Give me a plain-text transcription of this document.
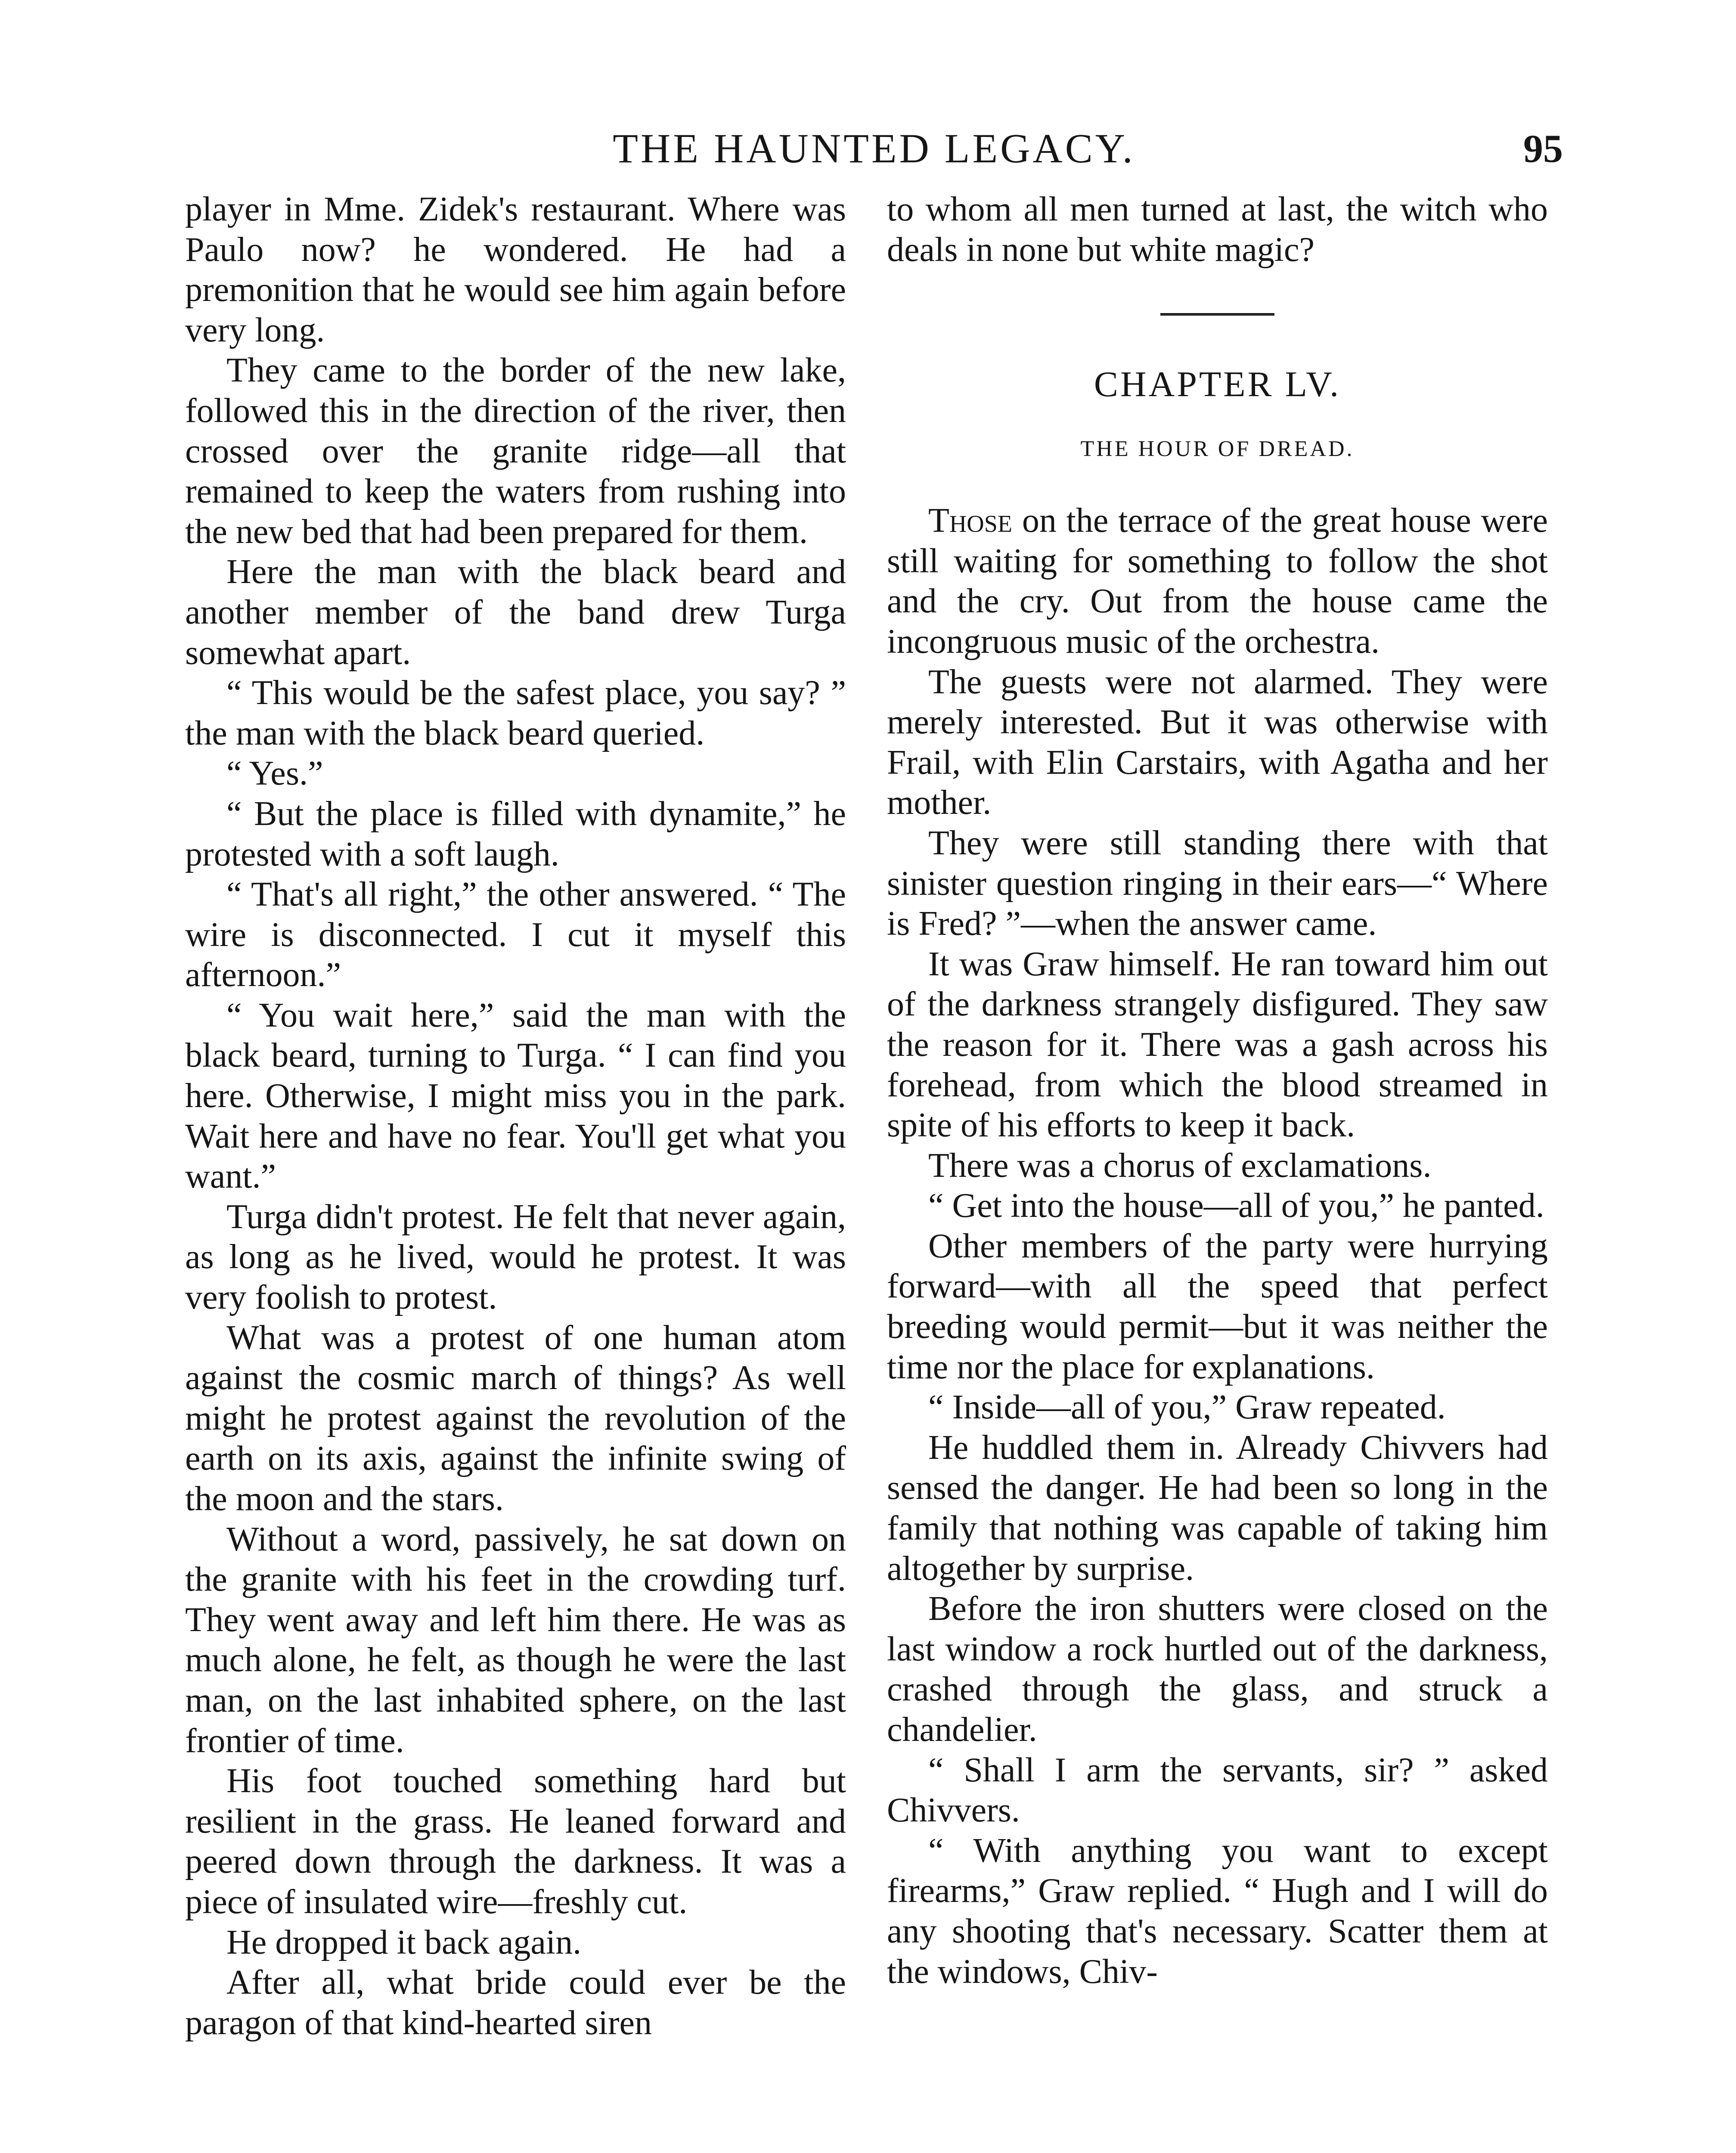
THE HAUNTED LEGACY.	95

player in Mme. Zidek's restaurant. Where was Paulo now? he wondered. He had a premonition that he would see him again before very long.

They came to the border of the new lake, followed this in the direction of the river, then crossed over the granite ridge—all that remained to keep the waters from rushing into the new bed that had been prepared for them.

Here the man with the black beard and another member of the band drew Turga somewhat apart.

“ This would be the safest place, you say? ” the man with the black beard queried.

“ Yes.”

“ But the place is filled with dynamite,” he protested with a soft laugh.

“ That's all right,” the other answered. “ The wire is disconnected. I cut it myself this afternoon.”

“ You wait here,” said the man with the black beard, turning to Turga. “ I can find you here. Otherwise, I might miss you in the park. Wait here and have no fear. You'll get what you want.”

Turga didn't protest. He felt that never again, as long as he lived, would he protest. It was very foolish to protest.

What was a protest of one human atom against the cosmic march of things? As well might he protest against the revolution of the earth on its axis, against the infinite swing of the moon and the stars.

Without a word, passively, he sat down on the granite with his feet in the crowding turf. They went away and left him there. He was as much alone, he felt, as though he were the last man, on the last inhabited sphere, on the last frontier of time.

His foot touched something hard but resilient in the grass. He leaned forward and peered down through the darkness. It was a piece of insulated wire—freshly cut.

He dropped it back again.

After all, what bride could ever be the paragon of that kind-hearted siren

to whom all men turned at last, the witch who deals in none but white magic?

CHAPTER LV.
THE HOUR OF DREAD.

Those on the terrace of the great house were still waiting for something to follow the shot and the cry. Out from the house came the incongruous music of the orchestra.

The guests were not alarmed. They were merely interested. But it was otherwise with Frail, with Elin Carstairs, with Agatha and her mother.

They were still standing there with that sinister question ringing in their ears—“ Where is Fred? ”—when the answer came.

It was Graw himself. He ran toward him out of the darkness strangely disfigured. They saw the reason for it. There was a gash across his forehead, from which the blood streamed in spite of his efforts to keep it back.

There was a chorus of exclamations.

“ Get into the house—all of you,” he panted.

Other members of the party were hurrying forward—with all the speed that perfect breeding would permit—but it was neither the time nor the place for explanations.

“ Inside—all of you,” Graw repeated.

He huddled them in. Already Chivvers had sensed the danger. He had been so long in the family that nothing was capable of taking him altogether by surprise.

Before the iron shutters were closed on the last window a rock hurtled out of the darkness, crashed through the glass, and struck a chandelier.

“ Shall I arm the servants, sir? ” asked Chivvers.

“ With anything you want to except firearms,” Graw replied. “ Hugh and I will do any shooting that's necessary. Scatter them at the windows, Chiv-
